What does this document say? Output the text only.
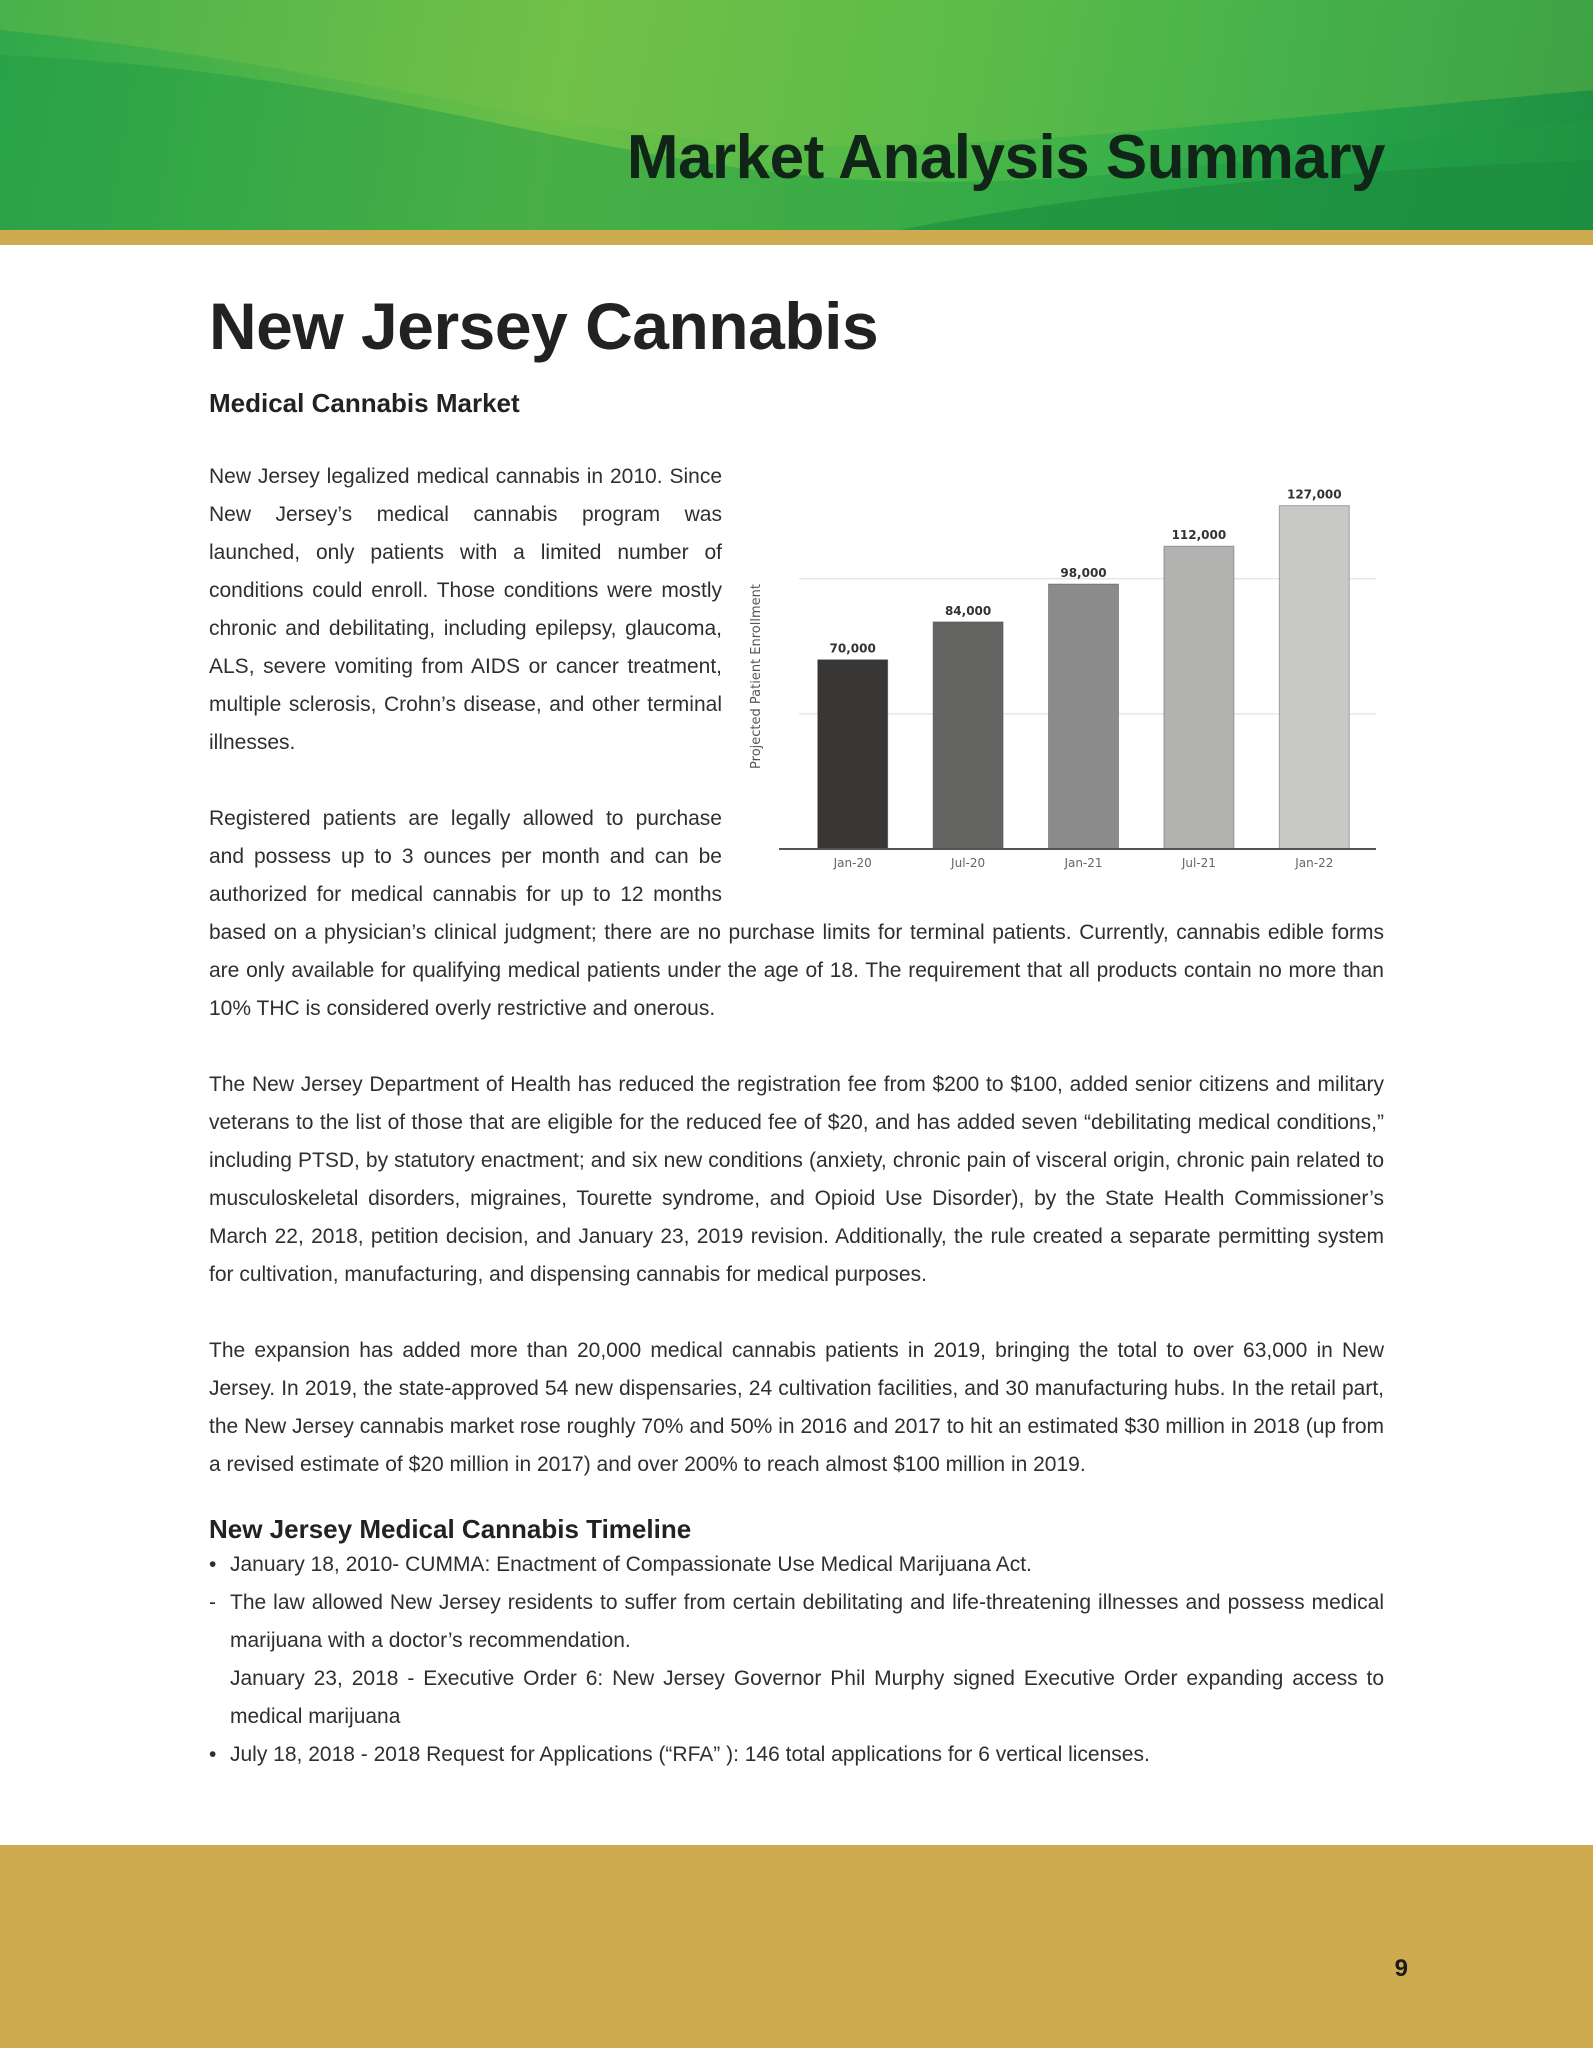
Market Analysis Summary
New Jersey Cannabis
Medical Cannabis Market
Projected Patient Enrollment	70,000
Jan-20
84,000
Jul-20
98,000
Jan-21
112,000
Jul-21
127,000
Jan-22

New Jersey legalized medical cannabis in 2010. Since New Jersey’s medical cannabis program was launched, only patients with a limited number of conditions could enroll. Those conditions were mostly chronic and debilitating, including epilepsy, glaucoma, ALS, severe vomiting from AIDS or cancer treatment, multiple sclerosis, Crohn’s disease, and other terminal illnesses.

Registered patients are legally allowed to purchase and possess up to 3 ounces per month and can be authorized for medical cannabis for up to 12 months based on a physician’s clinical judgment; there are no purchase limits for terminal patients. Currently, cannabis edible forms are only available for qualifying medical patients under the age of 18. The requirement that all products contain no more than 10% THC is considered overly restrictive and onerous.

The New Jersey Department of Health has reduced the registration fee from $200 to $100, added senior citizens and military veterans to the list of those that are eligible for the reduced fee of $20, and has added seven “debilitating medical conditions,” including PTSD, by statutory enactment; and six new conditions (anxiety, chronic pain of visceral origin, chronic pain related to musculoskeletal disorders, migraines, Tourette syndrome, and Opioid Use Disorder), by the State Health Commissioner’s March 22, 2018, petition decision, and January 23, 2019 revision. Additionally, the rule created a separate permitting system for cultivation, manufacturing, and dispensing cannabis for medical purposes.

The expansion has added more than 20,000 medical cannabis patients in 2019, bringing the total to over 63,000 in New Jersey. In 2019, the state-approved 54 new dispensaries, 24 cultivation facilities, and 30 manufacturing hubs. In the retail part, the New Jersey cannabis market rose roughly 70% and 50% in 2016 and 2017 to hit an estimated $30 million in 2018 (up from a revised estimate of $20 million in 2017) and over 200% to reach almost $100 million in 2019.

New Jersey Medical Cannabis Timeline
• January 18, 2010- CUMMA: Enactment of Compassionate Use Medical Marijuana Act.
- The law allowed New Jersey residents to suffer from certain debilitating and life-threatening illnesses and possess medical marijuana with a doctor’s recommendation.
January 23, 2018 - Executive Order 6: New Jersey Governor Phil Murphy signed Executive Order expanding access to medical marijuana
• July 18, 2018 - 2018 Request for Applications (“RFA” ): 146 total applications for 6 vertical licenses.
9
